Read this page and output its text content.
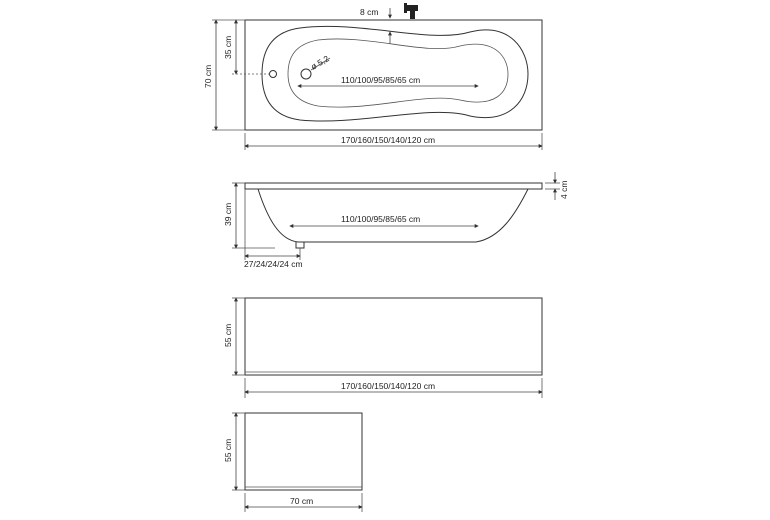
8 cm
70 cm
35 cm
ø 5,2
110/100/95/85/65 cm
170/160/150/140/120 cm
4 cm
39 cm	110/100/95/85/65 cm
27/24/24/24 cm
55 cm
170/160/150/140/120 cm
55 cm
70 cm
